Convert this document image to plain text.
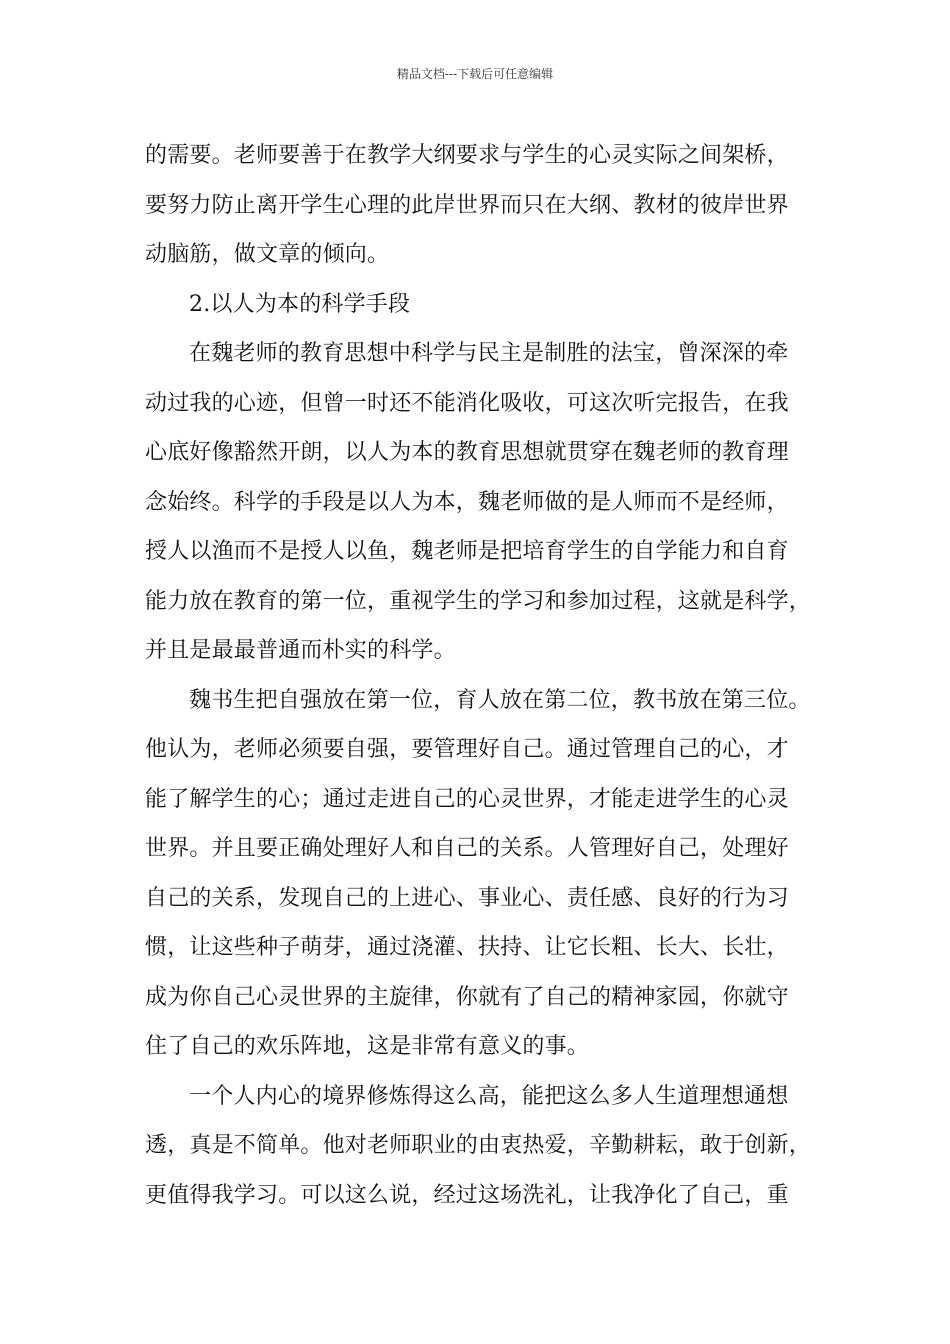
精品文档---下载后可任意编辑
的需要。老师要善于在教学大纲要求与学生的心灵实际之间架桥，
要努力防止离开学生心理的此岸世界而只在大纲、教材的彼岸世界
动脑筋，做文章的倾向。
2.以人为本的科学手段
在魏老师的教育思想中科学与民主是制胜的法宝，曾深深的牵
动过我的心迹，但曾一时还不能消化吸收，可这次听完报告，在我
心底好像豁然开朗，以人为本的教育思想就贯穿在魏老师的教育理
念始终。科学的手段是以人为本，魏老师做的是人师而不是经师，
授人以渔而不是授人以鱼，魏老师是把培育学生的自学能力和自育
能力放在教育的第一位，重视学生的学习和参加过程，这就是科学，
并且是最最普通而朴实的科学。
魏书生把自强放在第一位，育人放在第二位，教书放在第三位。
他认为，老师必须要自强，要管理好自己。通过管理自己的心，才
能了解学生的心；通过走进自己的心灵世界，才能走进学生的心灵
世界。并且要正确处理好人和自己的关系。人管理好自己，处理好
自己的关系，发现自己的上进心、事业心、责任感、良好的行为习
惯，让这些种子萌芽，通过浇灌、扶持、让它长粗、长大、长壮，
成为你自己心灵世界的主旋律，你就有了自己的精神家园，你就守
住了自己的欢乐阵地，这是非常有意义的事。
一个人内心的境界修炼得这么高，能把这么多人生道理想通想
透，真是不简单。他对老师职业的由衷热爱，辛勤耕耘，敢于创新，
更值得我学习。可以这么说，经过这场洗礼，让我净化了自己，重
